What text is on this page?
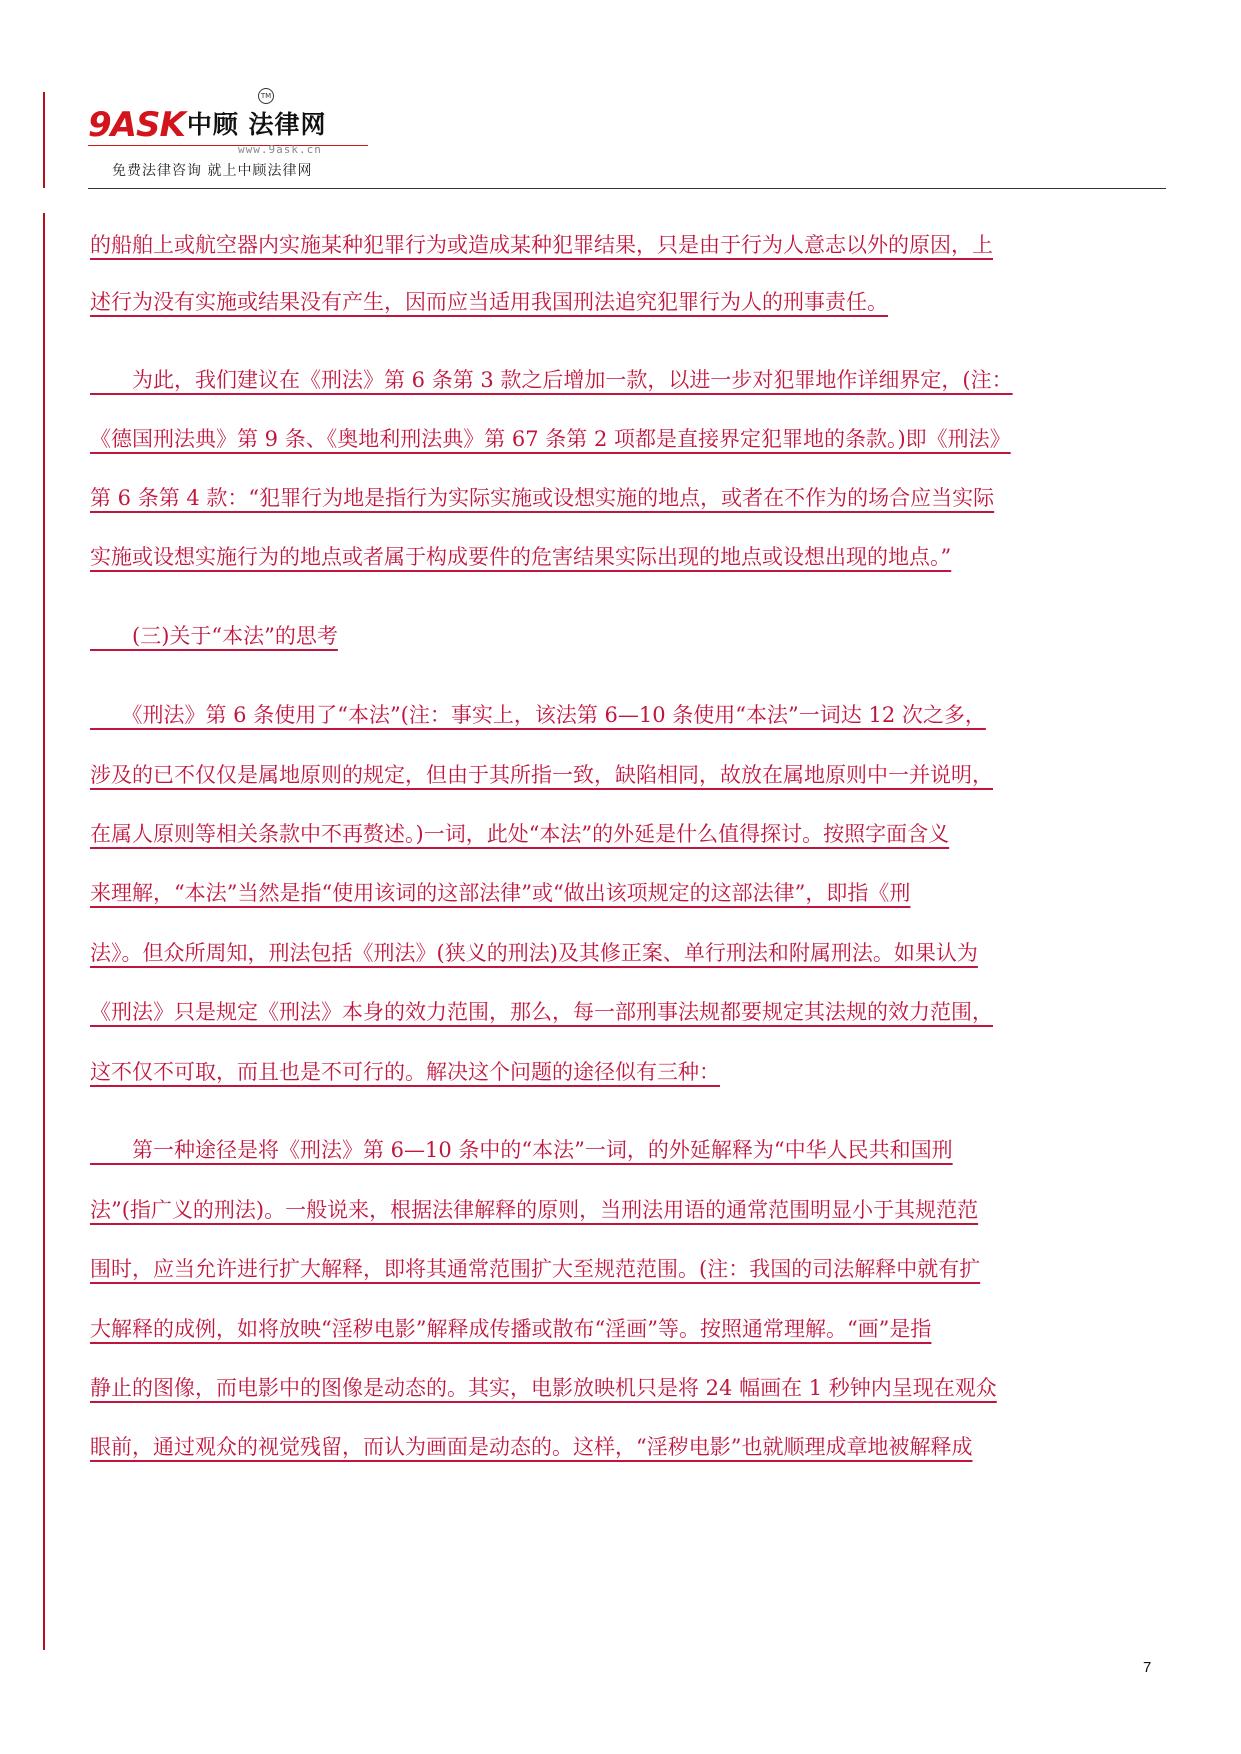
9ASK 中顾 法律网
TM
www.9ask.cn
免费法律咨询 就上中顾法律网
的船舶上或航空器内实施某种犯罪行为或造成某种犯罪结果，只是由于行为人意志以外的原因，上
述行为没有实施或结果没有产生，因而应当适用我国刑法追究犯罪行为人的刑事责任。
　　为此，我们建议在《刑法》第 6 条第 3 款之后增加一款，以进一步对犯罪地作详细界定，(注：
《德国刑法典》第 9 条、《奥地利刑法典》第 67 条第 2 项都是直接界定犯罪地的条款。)即《刑法》
第 6 条第 4 款：“犯罪行为地是指行为实际实施或设想实施的地点，或者在不作为的场合应当实际
实施或设想实施行为的地点或者属于构成要件的危害结果实际出现的地点或设想出现的地点。”
　　(三)关于“本法”的思考
　　《刑法》第 6 条使用了“本法”(注：事实上，该法第 6—10 条使用“本法”一词达 12 次之多，
涉及的已不仅仅是属地原则的规定，但由于其所指一致，缺陷相同，故放在属地原则中一并说明，
在属人原则等相关条款中不再赘述。)一词，此处“本法”的外延是什么值得探讨。按照字面含义
来理解，“本法”当然是指“使用该词的这部法律”或“做出该项规定的这部法律”，即指《刑
法》。但众所周知，刑法包括《刑法》(狭义的刑法)及其修正案、单行刑法和附属刑法。如果认为
《刑法》只是规定《刑法》本身的效力范围，那么，每一部刑事法规都要规定其法规的效力范围，
这不仅不可取，而且也是不可行的。解决这个问题的途径似有三种：
　　第一种途径是将《刑法》第 6—10 条中的“本法”一词，的外延解释为“中华人民共和国刑
法”(指广义的刑法)。一般说来，根据法律解释的原则，当刑法用语的通常范围明显小于其规范范
围时，应当允许进行扩大解释，即将其通常范围扩大至规范范围。(注：我国的司法解释中就有扩
大解释的成例，如将放映“淫秽电影”解释成传播或散布“淫画”等。按照通常理解。“画”是指
静止的图像，而电影中的图像是动态的。其实，电影放映机只是将 24 幅画在 1 秒钟内呈现在观众
眼前，通过观众的视觉残留，而认为画面是动态的。这样，“淫秽电影”也就顺理成章地被解释成
7
